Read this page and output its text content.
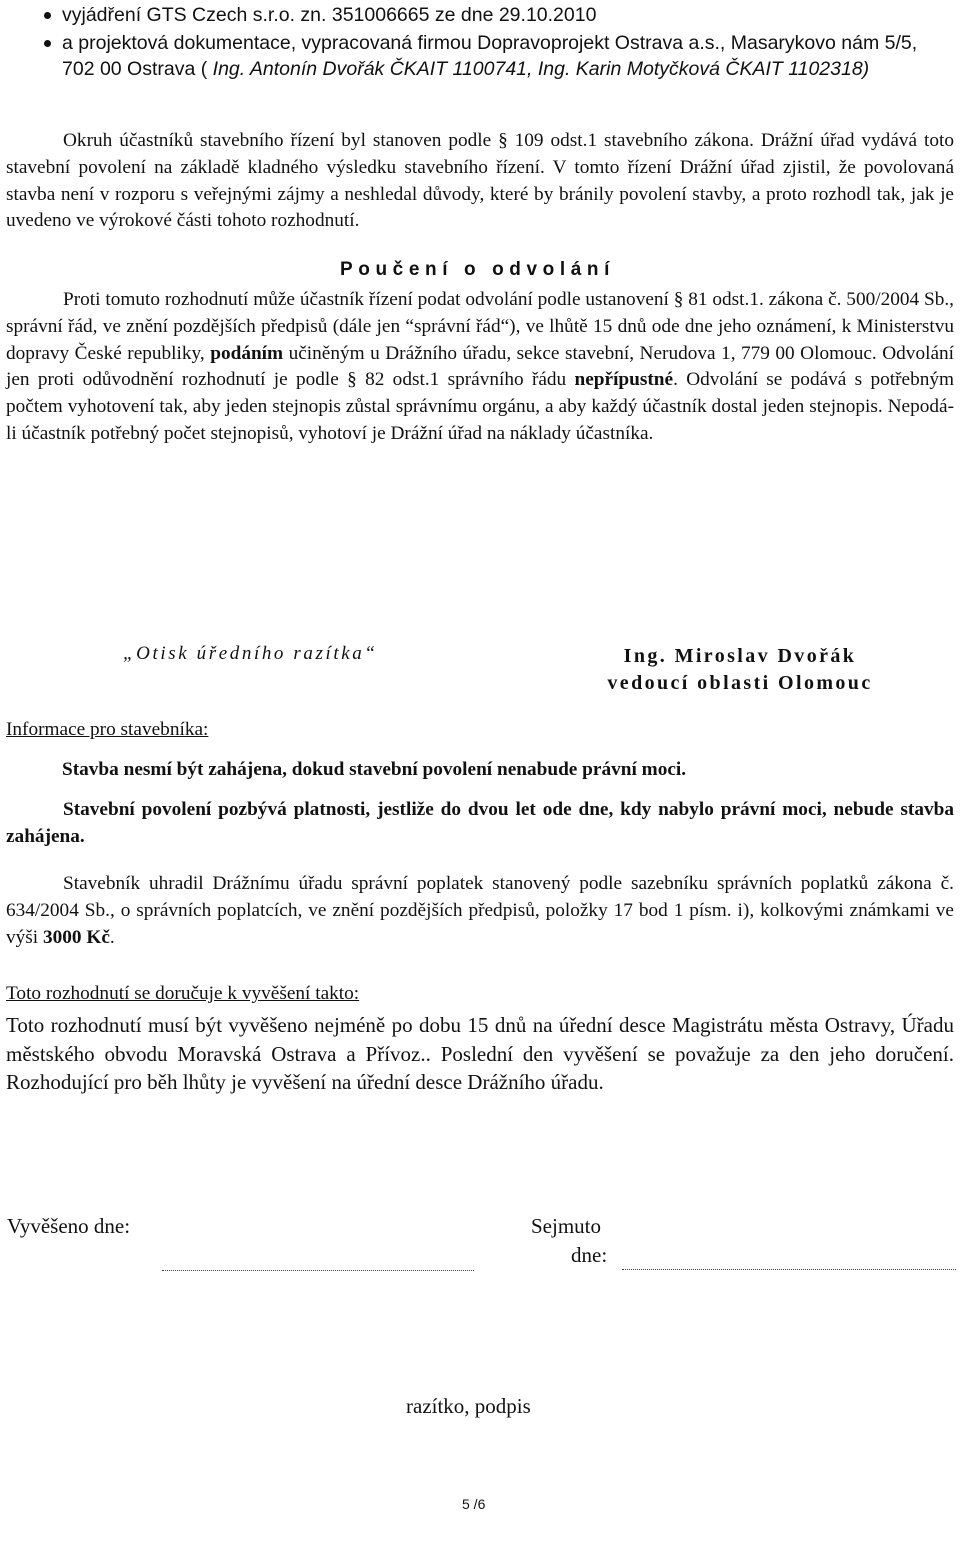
vyjádření GTS Czech s.r.o. zn. 351006665 ze dne 29.10.2010
a projektová dokumentace, vypracovaná firmou Dopravoprojekt Ostrava a.s., Masarykovo nám 5/5, 702 00 Ostrava ( Ing. Antonín Dvořák ČKAIT 1100741, Ing. Karin Motyčková ČKAIT 1102318)
Okruh účastníků stavebního řízení byl stanoven podle § 109 odst.1 stavebního zákona. Drážní úřad vydává toto stavební povolení na základě kladného výsledku stavebního řízení. V tomto řízení Drážní úřad zjistil, že povolovaná stavba není v rozporu s veřejnými zájmy a neshledal důvody, které by bránily povolení stavby, a proto rozhodl tak, jak je uvedeno ve výrokové části tohoto rozhodnutí.
Poučení o odvolání
Proti tomuto rozhodnutí může účastník řízení podat odvolání podle ustanovení § 81 odst.1. zákona č. 500/2004 Sb., správní řád, ve znění pozdějších předpisů (dále jen “správní řád“), ve lhůtě 15 dnů ode dne jeho oznámení, k Ministerstvu dopravy České republiky, podáním učiněným u Drážního úřadu, sekce stavební, Nerudova 1, 779 00 Olomouc. Odvolání jen proti odůvodnění rozhodnutí je podle § 82 odst.1 správního řádu nepřípustné. Odvolání se podává s potřebným počtem vyhotovení tak, aby jeden stejnopis zůstal správnímu orgánu, a aby každý účastník dostal jeden stejnopis. Nepodá-li účastník potřebný počet stejnopisů, vyhotoví je Drážní úřad na náklady účastníka.
„Otisk úředního razítka“	Ing. Miroslav Dvořák
vedoucí oblasti Olomouc
Informace pro stavebníka:
Stavba nesmí být zahájena, dokud stavební povolení nenabude právní moci.
Stavební povolení pozbývá platnosti, jestliže do dvou let ode dne, kdy nabylo právní moci, nebude stavba zahájena.
Stavebník uhradil Drážnímu úřadu správní poplatek stanovený podle sazebníku správních poplatků zákona č. 634/2004 Sb., o správních poplatcích, ve znění pozdějších předpisů, položky 17 bod 1 písm. i), kolkovými známkami ve výši 3000 Kč.
Toto rozhodnutí se doručuje k vyvěšení takto:
Toto rozhodnutí musí být vyvěšeno nejméně po dobu 15 dnů na úřední desce Magistrátu města Ostravy, Úřadu městského obvodu Moravská Ostrava a Přívoz.. Poslední den vyvěšení se považuje za den jeho doručení. Rozhodující pro běh lhůty je vyvěšení na úřední desce Drážního úřadu.
Vyvěšeno dne:	Sejmuto
dne:
razítko, podpis
5 /6
